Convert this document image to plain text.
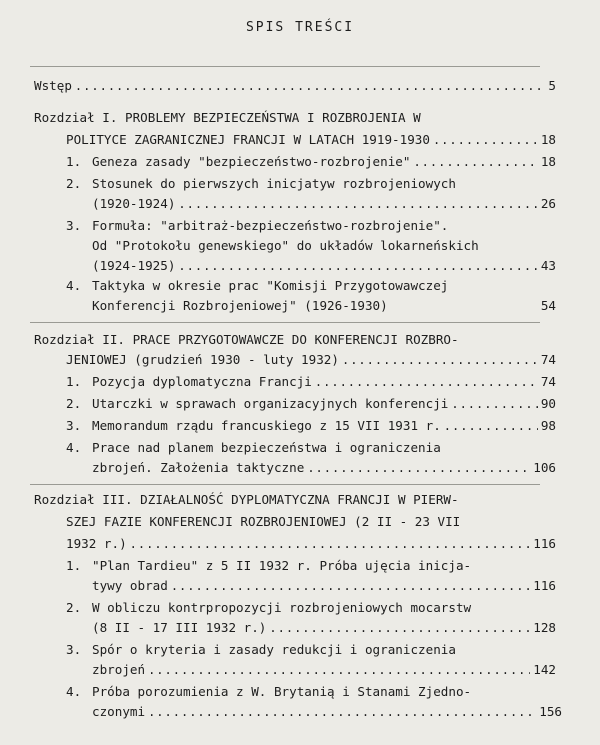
SPIS TREŚCI
Wstęp .....	5
Rozdział I. PROBLEMY BEZPIECZEŃSTWA I ROZBROJENIA W
POLITYCE ZAGRANICZNEJ FRANCJI W LATACH 1919-1930 .....	18
1. Geneza zasady "bezpieczeństwo-rozbrojenie" .....	18
2. Stosunek do pierwszych inicjatyw rozbrojeniowych
(1920-1924) .....	26
3. Formuła: "arbitraż-bezpieczeństwo-rozbrojenie".
Od "Protokołu genewskiego" do układów lokarneńskich
(1924-1925) .....	43
4. Taktyka w okresie prac "Komisji Przygotowawczej
Konferencji Rozbrojeniowej" (1926-1930)	54
Rozdział II. PRACE PRZYGOTOWAWCZE DO KONFERENCJI ROZBRO-
JENIOWEJ (grudzień 1930 - luty 1932) .....	74
1. Pozycja dyplomatyczna Francji .....	74
2. Utarczki w sprawach organizacyjnych konferencji .....	90
3. Memorandum rządu francuskiego z 15 VII 1931 r. .....	98
4. Prace nad planem bezpieczeństwa i ograniczenia
zbrojeń. Założenia taktyczne .....	106
Rozdział III. DZIAŁALNOŚĆ DYPLOMATYCZNA FRANCJI W PIERW-
SZEJ FAZIE KONFERENCJI ROZBROJENIOWEJ (2 II - 23 VII
1932 r.) .....	116
1. "Plan Tardieu" z 5 II 1932 r. Próba ujęcia inicja-
tywy obrad .....	116
2. W obliczu kontrpropozycji rozbrojeniowych mocarstw
(8 II - 17 III 1932 r.) .....	128
3. Spór o kryteria i zasady redukcji i ograniczenia
zbrojeń .....	142
4. Próba porozumienia z W. Brytanią i Stanami Zjedno-
czonymi .....	156
